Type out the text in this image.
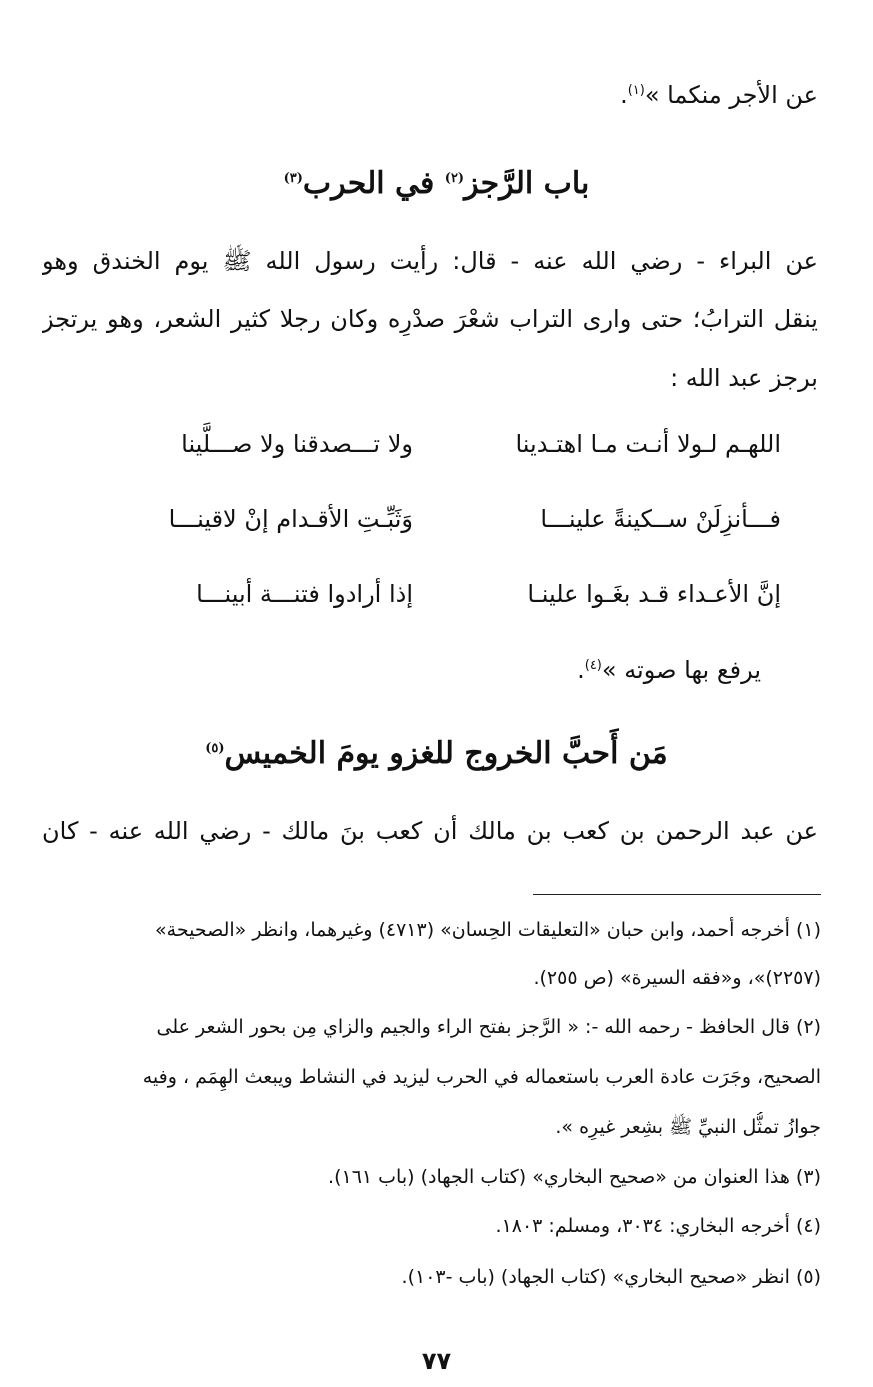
عن الأجر منكما »$^{(١)}$.
باب الرَّجز$^{(٢)}$ في الحرب$^{(٣)}$
عن البراء - رضي الله عنه - قال: رأيت رسول الله ﷺ يوم الخندق وهو
ينقل الترابُ؛ حتى وارى التراب شعْرَ صدْرِه وكان رجلا كثير الشعر، وهو يرتجز
برجز عبد الله :
اللهـم لـولا أنـت مـا اهتـدينا
ولا تـــصدقنا ولا صـــلَّينا
فـــأنزِلَنْ ســكينةً علينـــا
وَثَبِّـتِ الأقـدام إنْ لاقينـــا
إنَّ الأعـداء قـد بغَـوا علينـا
إذا أرادوا فتنـــة أبينـــا
يرفع بها صوته »$^{(٤)}$.
مَن أَحبَّ الخروج للغزو يومَ الخميس$^{(٥)}$
عن عبد الرحمن بن كعب بن مالك أن كعب بنَ مالك - رضي الله عنه - كان
(١) أخرجه أحمد، وابن حبان «التعليقات الحِسان» (٤٧١٣) وغيرهما، وانظر «الصحيحة»
(٢٢٥٧)»، و«فقه السيرة» (ص ٢٥٥).
(٢) قال الحافظ - رحمه الله -: « الرَّجز بفتح الراء والجيم والزاي مِن بحور الشعر على
الصحيح، وجَرَت عادة العرب باستعماله في الحرب ليزيد في النشاط ويبعث الهِمَم ، وفيه
جوازُ تمثُّل النبيِّ ﷺ بشِعر غيرِه ».
(٣) هذا العنوان من «صحيح البخاري» (كتاب الجهاد) (باب ١٦١).
(٤) أخرجه البخاري: ٣٠٣٤، ومسلم: ١٨٠٣.
(٥) انظر «صحيح البخاري» (كتاب الجهاد) (باب -١٠٣).
٧٧
